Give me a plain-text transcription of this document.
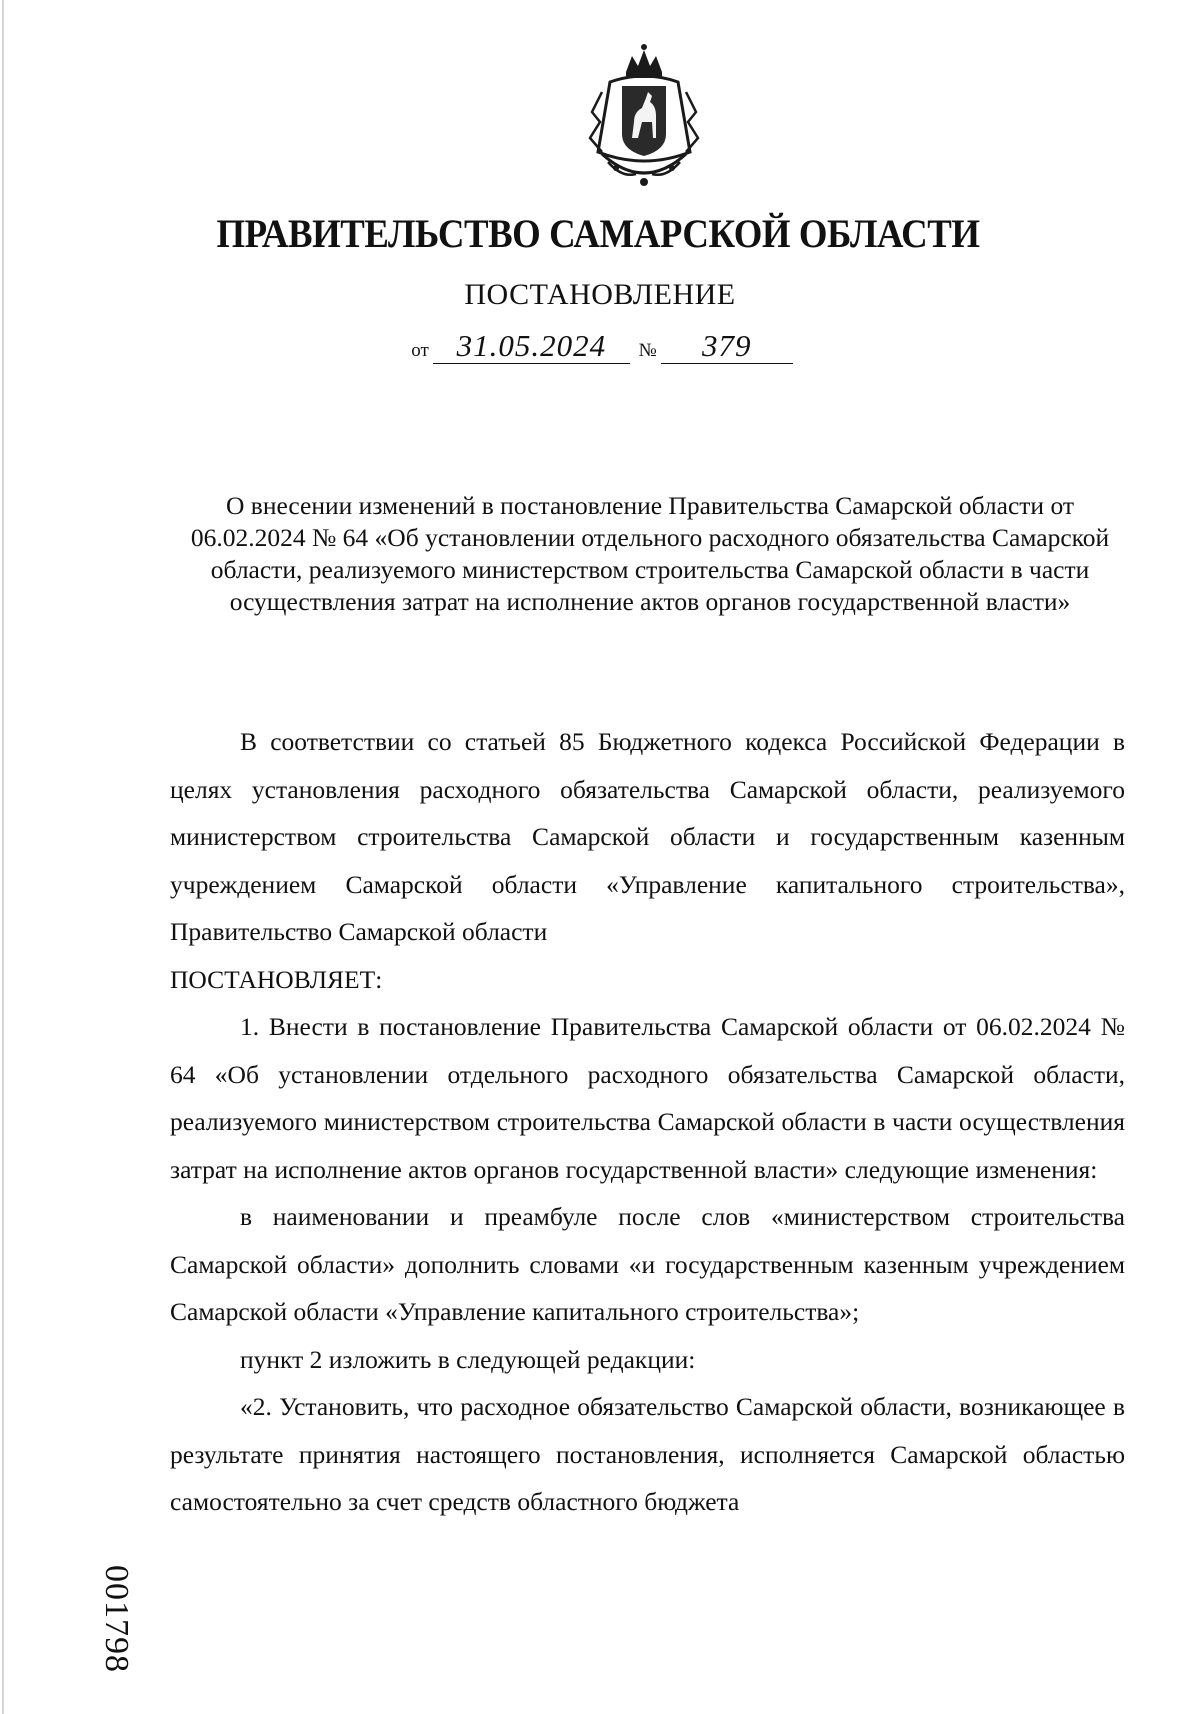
ПРАВИТЕЛЬСТВО САМАРСКОЙ ОБЛАСТИ
ПОСТАНОВЛЕНИЕ
от 31.05.2024 № 379
О внесении изменений в постановление Правительства Самарской области от 06.02.2024 № 64 «Об установлении отдельного расходного обязательства Самарской области, реализуемого министерством строительства Самарской области в части осуществления затрат на исполнение актов органов государственной власти»

В соответствии со статьей 85 Бюджетного кодекса Российской Федерации в целях установления расходного обязательства Самарской области, реализуемого министерством строительства Самарской области и государственным казенным учреждением Самарской области «Управление капитального строительства», Правительство Самарской области

ПОСТАНОВЛЯЕТ:

1. Внести в постановление Правительства Самарской области от 06.02.2024 № 64 «Об установлении отдельного расходного обязательства Самарской области, реализуемого министерством строительства Самарской области в части осуществления затрат на исполнение актов органов государственной власти» следующие изменения:

в наименовании и преамбуле после слов «министерством строительства Самарской области» дополнить словами «и государственным казенным учреждением Самарской области «Управление капитального строительства»;

пункт 2 изложить в следующей редакции:

«2. Установить, что расходное обязательство Самарской области, возникающее в результате принятия настоящего постановления, исполняется Самарской областью самостоятельно за счет средств областного бюджета

001798
